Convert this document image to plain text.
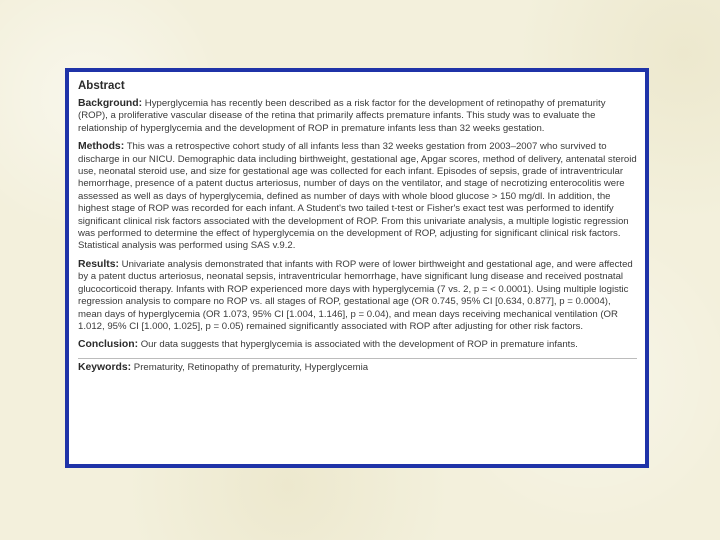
Abstract

Background: Hyperglycemia has recently been described as a risk factor for the development of retinopathy of prematurity (ROP), a proliferative vascular disease of the retina that primarily affects premature infants. This study was to evaluate the relationship of hyperglycemia and the development of ROP in premature infants less than 32 weeks gestation.

Methods: This was a retrospective cohort study of all infants less than 32 weeks gestation from 2003–2007 who survived to discharge in our NICU. Demographic data including birthweight, gestational age, Apgar scores, method of delivery, antenatal steroid use, neonatal steroid use, and size for gestational age was collected for each infant. Episodes of sepsis, grade of intraventricular hemorrhage, presence of a patent ductus arteriosus, number of days on the ventilator, and stage of necrotizing enterocolitis were assessed as well as days of hyperglycemia, defined as number of days with whole blood glucose > 150 mg/dl. In addition, the highest stage of ROP was recorded for each infant. A Student's two tailed t-test or Fisher's exact test was performed to identify significant clinical risk factors associated with the development of ROP. From this univariate analysis, a multiple logistic regression was performed to determine the effect of hyperglycemia on the development of ROP, adjusting for significant clinical risk factors. Statistical analysis was performed using SAS v.9.2.

Results: Univariate analysis demonstrated that infants with ROP were of lower birthweight and gestational age, and were affected by a patent ductus arteriosus, neonatal sepsis, intraventricular hemorrhage, have significant lung disease and received postnatal glucocorticoid therapy. Infants with ROP experienced more days with hyperglycemia (7 vs. 2, p = < 0.0001). Using multiple logistic regression analysis to compare no ROP vs. all stages of ROP, gestational age (OR 0.745, 95% CI [0.634, 0.877], p = 0.0004), mean days of hyperglycemia (OR 1.073, 95% CI [1.004, 1.146], p = 0.04), and mean days receiving mechanical ventilation (OR 1.012, 95% CI [1.000, 1.025], p = 0.05) remained significantly associated with ROP after adjusting for other risk factors.

Conclusion: Our data suggests that hyperglycemia is associated with the development of ROP in premature infants.

Keywords: Prematurity, Retinopathy of prematurity, Hyperglycemia
